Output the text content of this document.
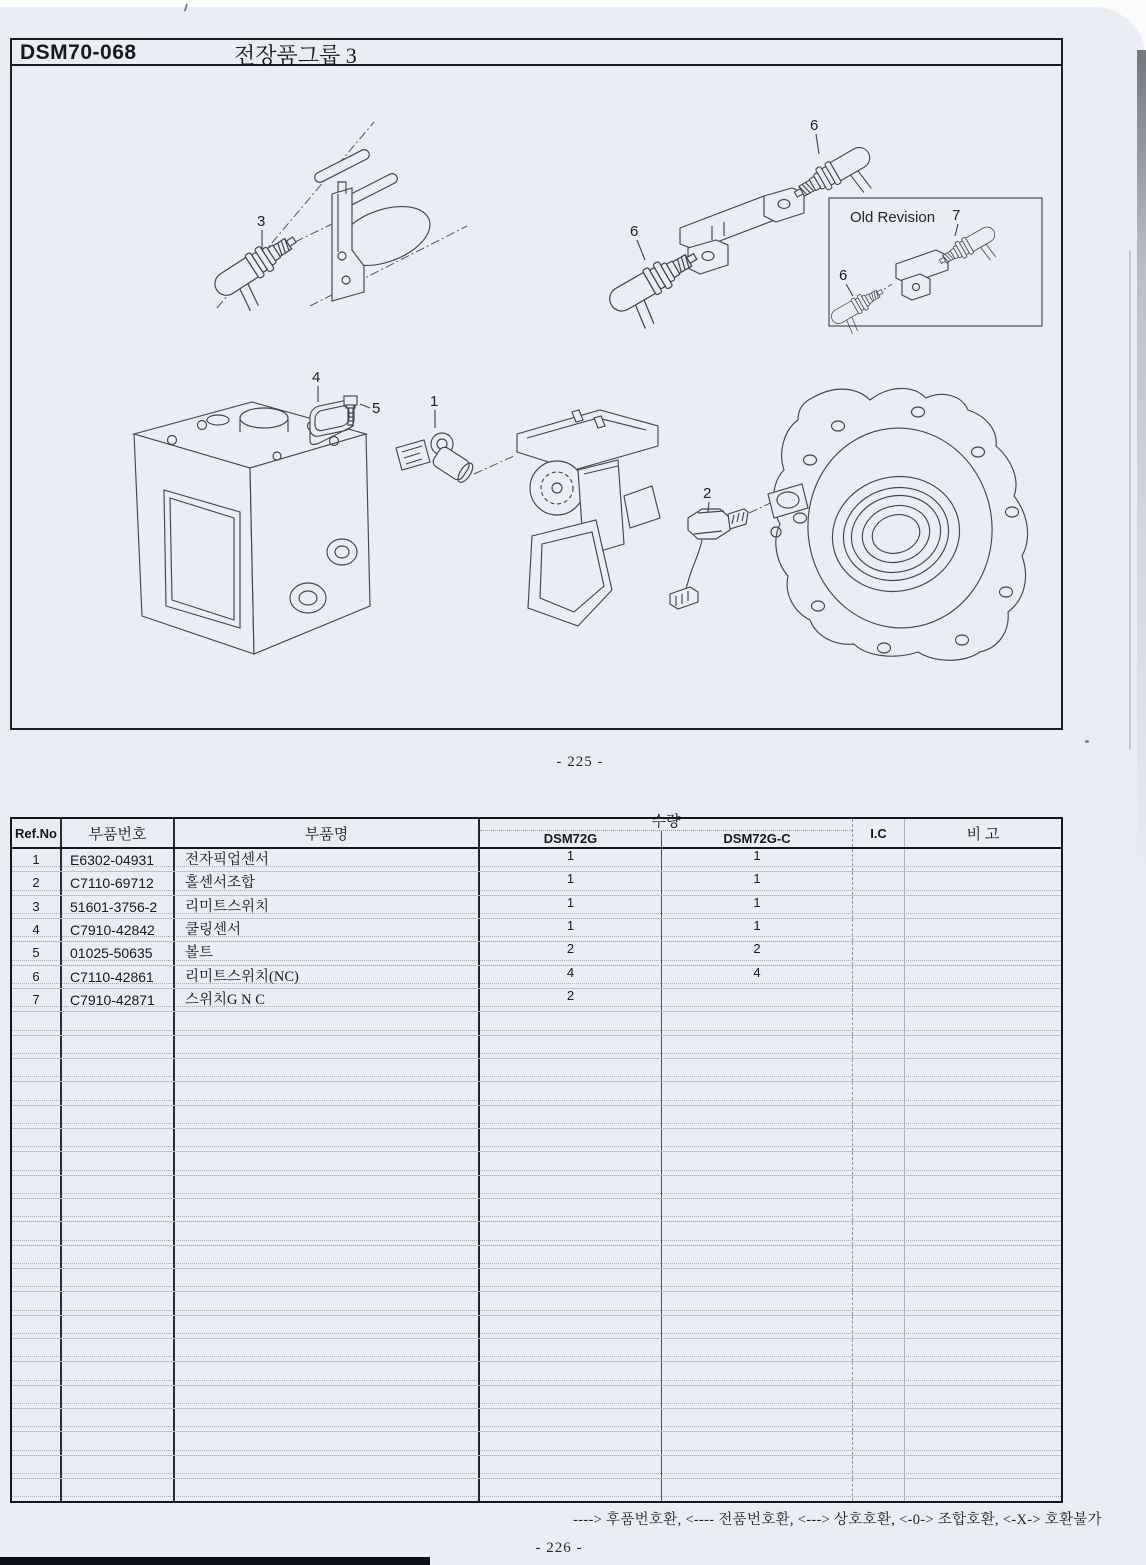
DSM70-068	전장품그룹 3
3
6
6
Old Revision 7
6
4
5	1
2
- 225 -
Ref.No	부품번호	부품명
수량
DSM72G	DSM72G-C	I.C	비 고
1	E6302-04931	전자픽업센서	1	1
2	C7110-69712	홀센서조합	1	1
3	51601-3756-2	리미트스위치	1	1
4	C7910-42842	쿨링센서	1	1
5	01025-50635	볼트	2	2
6	C7110-42861	리미트스위치(NC)	4	4
7	C7910-42871	스위치G N C	2
----> 후품번호환, <---- 전품번호환, <---> 상호호환, <-0-> 조합호환, <-X-> 호환불가
- 226 -
